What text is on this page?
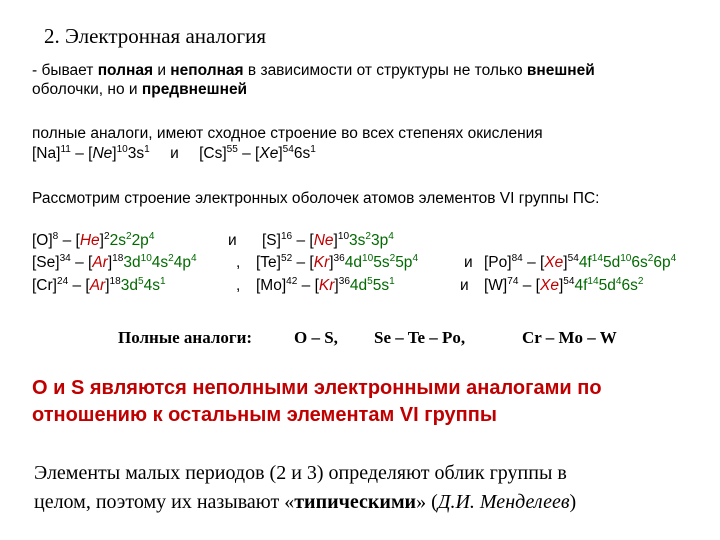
2. Электронная аналогия
- бывает полная и неполная в зависимости от структуры не только внешней
оболочки, но и предвнешней
полные аналоги, имеют сходное строение во всех степенях окисления
$[Na]^{11} - [Ne]^{10}3s^1$ и $[Cs]^{55} - [Xe]^{54}6s^1$
Рассмотрим строение электронных оболочек атомов элементов VI группы ПС:
$[O]^8 - [He]^22s^22p^4$	и $[S]^{16} - [Ne]^{10}3s^23p^4$
$[Se]^{34} - [Ar]^{18}3d^{10}4s^24p^4$	, $[Te]^{52} - [Kr]^{36}4d^{10}5s^25p^4$	и $[Po]^{84} - [Xe]^{54}4f^{14}5d^{10}6s^26p^4$
$[Cr]^{24} - [Ar]^{18}3d^54s^1$	, $[Mo]^{42} - [Kr]^{36}4d^55s^1$	и $[W]^{74} - [Xe]^{54}4f^{14}5d^46s^2$
Полные аналоги: O – S, Se – Te – Po,	Cr – Mo – W
О и S являются неполными электронными аналогами по
отношению к остальным элементам VI группы
Элементы малых периодов (2 и 3) определяют облик группы в
целом, поэтому их называют «типическими» (Д.И. Менделеев)
